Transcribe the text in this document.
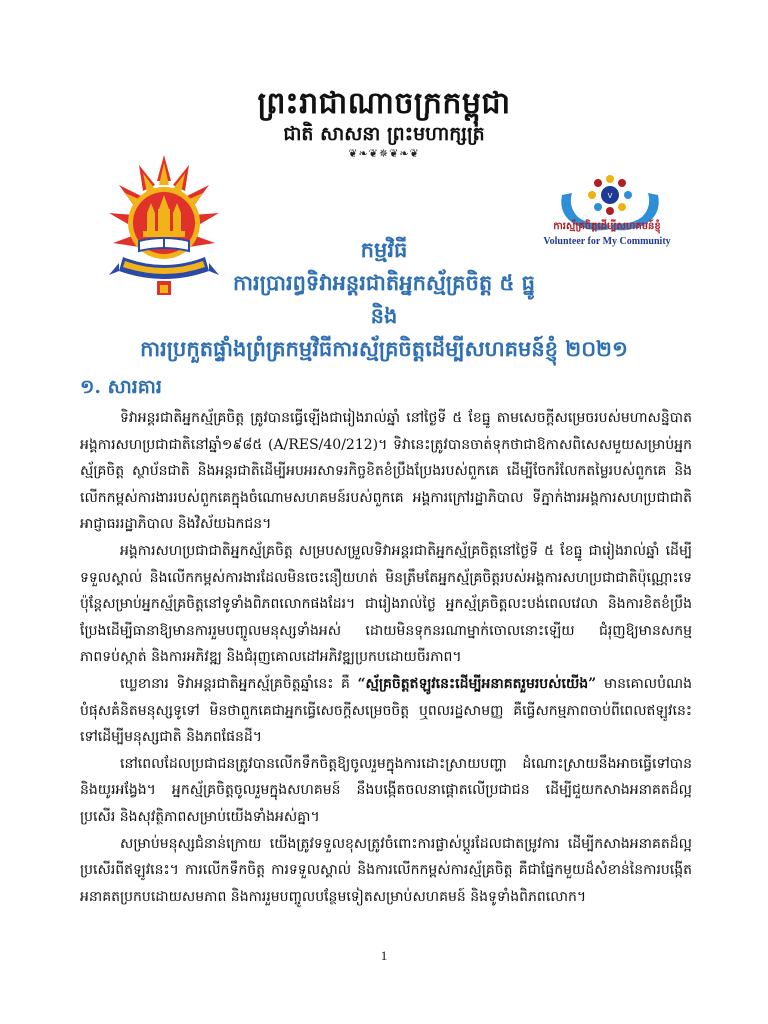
ព្រះរាជាណាចក្រកម្ពុជា
ជាតិ សាសនា ព្រះមហាក្សត្រ
❦❧❦✵❦❧❦
V
ការស្ម័គ្រចិត្តដើម្បីសហគមន៍ខ្ញុំ
Volunteer for My Community
កម្មវិធី
ការប្រារព្ធទិវាអន្តរជាតិអ្នកស្ម័គ្រចិត្ត ៥ ធ្នូ
និង
ការប្រកួតផ្ទាំងព្រំគ្រកម្មវិធីការស្ម័គ្រចិត្តដើម្បីសហគមន៍ខ្ញុំ ២០២១
១. សារគារ

ទិវាអន្តរជាតិអ្នកស្ម័គ្រចិត្ត ត្រូវបានធ្វើឡើងជារៀងរាល់ឆ្នាំ នៅថ្ងៃទី ៥ ខែធ្នូ តាមសេចក្តីសម្រេចរបស់មហាសន្និបាតអង្គការសហប្រជាជាតិនៅឆ្នាំ១៩៨៥ (A/RES/40/212)។ ទិវានេះត្រូវបានចាត់ទុកថាជាឱកាសពិសេសមួយសម្រាប់អ្នកស្ម័គ្រចិត្ត ស្ថាប័នជាតិ និងអន្តរជាតិដើម្បីអបអរសាទរកិច្ចខិតខំប្រឹងប្រែងរបស់ពួកគេ ដើម្បីចែករំលែកតម្លៃរបស់ពួកគេ និងលើកកម្ពស់ការងាររបស់ពួកគេក្នុងចំណោមសហគមន៍របស់ពួកគេ អង្គការក្រៅរដ្ឋាភិបាល ទីភ្នាក់ងារអង្គការសហប្រជាជាតិ អាជ្ញាធររដ្ឋាភិបាល និងវិស័យឯកជន។

អង្គការសហប្រជាជាតិអ្នកស្ម័គ្រចិត្ត សម្របសម្រួលទិវាអន្តរជាតិអ្នកស្ម័គ្រចិត្តនៅថ្ងៃទី ៥ ខែធ្នូ ជារៀងរាល់ឆ្នាំ ដើម្បីទទួលស្គាល់ និងលើកកម្ពស់ការងារដែលមិនចេះនឿយហត់ មិនត្រឹមតែអ្នកស្ម័គ្រចិត្តរបស់អង្គការសហប្រជាជាតិប៉ុណ្ណោះទេ ប៉ុន្តែសម្រាប់អ្នកស្ម័គ្រចិត្តនៅទូទាំងពិភពលោកផងដែរ។ ជារៀងរាល់ថ្ងៃ អ្នកស្ម័គ្រចិត្តលះបង់ពេលវេលា និងការខិតខំប្រឹងប្រែងដើម្បីធានាឱ្យមានការរួមបញ្ចូលមនុស្សទាំងអស់ ដោយមិនទុកនរណាម្នាក់ចោលនោះឡើយ ជំរុញឱ្យមានសកម្មភាពទប់ស្កាត់ និងការអភិវឌ្ឍ និងជំរុញគោលដៅអភិវឌ្ឍប្រកបដោយចីរភាព។

ឃ្លេខានារ ទិវាអន្តរជាតិអ្នកស្ម័គ្រចិត្តឆ្នាំនេះ គឺ “ស្ម័គ្រចិត្តឥឡូវនេះដើម្បីអនាគតរួមរបស់យើង” មានគោលបំណងបំផុសគំនិតមនុស្សទូទៅ មិនថាពួកគេជាអ្នកធ្វើសេចក្តីសម្រេចចិត្ត ឬពលរដ្ឋសាមញ្ញ គឺធ្វើសកម្មភាពចាប់ពីពេលឥឡូវនេះទៅដើម្បីមនុស្សជាតិ និងភពផែនដី។

នៅពេលដែលប្រជាជនត្រូវបានលើកទឹកចិត្តឱ្យចូលរួមក្នុងការដោះស្រាយបញ្ហា ដំណោះស្រាយនឹងអាចធ្វើទៅបាន និងយូរអង្វែង។ អ្នកស្ម័គ្រចិត្តចូលរួមក្នុងសហគមន៍ នឹងបង្កើតចលនាផ្តោតលើប្រជាជន ដើម្បីជួយកសាងអនាគតដ៏ល្អប្រសើរ និងសុវត្ថិភាពសម្រាប់យើងទាំងអស់គ្នា។

សម្រាប់មនុស្សជំនាន់ក្រោយ យើងត្រូវទទួលខុសត្រូវចំពោះការផ្លាស់ប្តូរដែលជាតម្រូវការ ដើម្បីកសាងអនាគតដ៏ល្អប្រសើរពីឥឡូវនេះ។ ការលើកទឹកចិត្ត ការទទួលស្គាល់ និងការលើកកម្ពស់ការស្ម័គ្រចិត្ត គឺជាផ្នែកមួយដ៏សំខាន់នៃការបង្កើតអនាគតប្រកបដោយសមភាព និងការរួមបញ្ចូលបន្ថែមទៀតសម្រាប់សហគមន៍ និងទូទាំងពិភពលោក។

1
